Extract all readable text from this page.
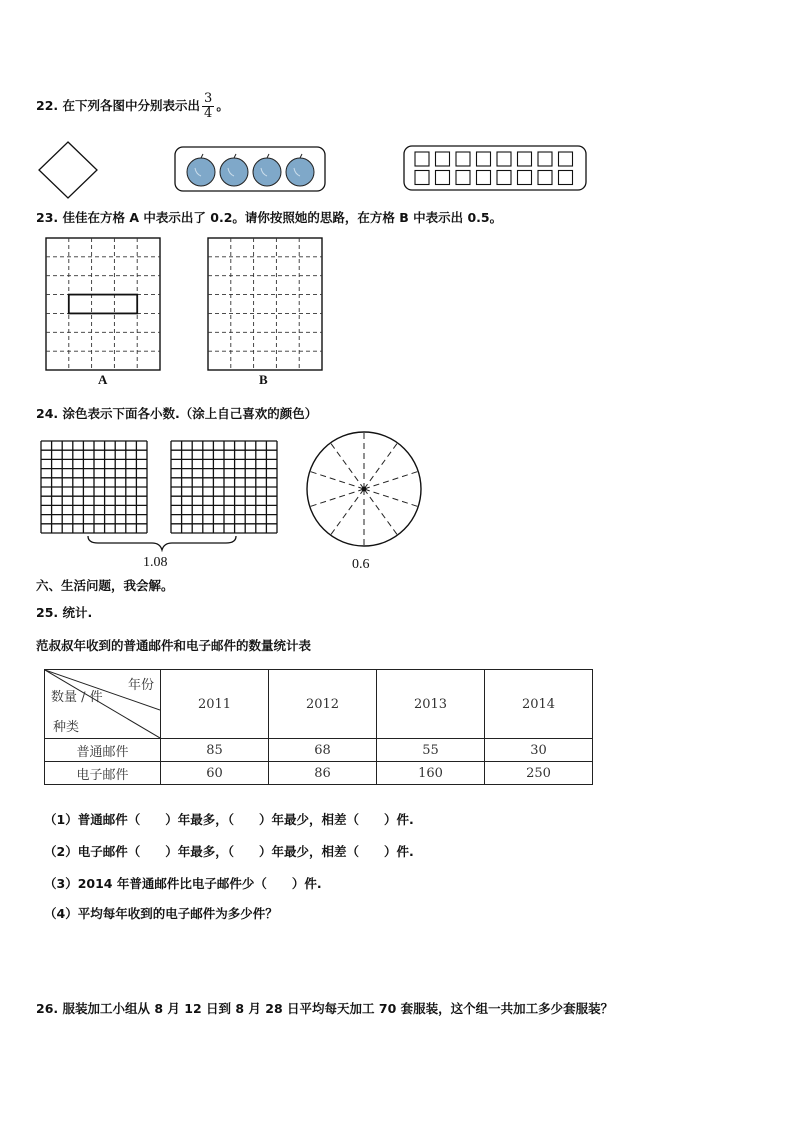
22. 在下列各图中分别表示出 $\frac{3}{4}$ 。
23. 佳佳在方格 A 中表示出了 0.2。请你按照她的思路，在方格 B 中表示出 0.5。
A	B
24. 涂色表示下面各小数.（涂上自己喜欢的颜色）
1.08	0.6
六、生活问题，我会解。
25. 统计.
范叔叔年收到的普通邮件和电子邮件的数量统计表
年份
数量 / 件
种类	2011	2012	2013	2014
普通邮件	85	68	55	30
电子邮件	60	86	160	250
（1）普通邮件（　　）年最多，（　　）年最少，相差（　　）件.
（2）电子邮件（　　）年最多，（　　）年最少，相差（　　）件.
（3）2014 年普通邮件比电子邮件少（　　）件.
（4）平均每年收到的电子邮件为多少件？
26. 服装加工小组从 8 月 12 日到 8 月 28 日平均每天加工 70 套服装，这个组一共加工多少套服装？
